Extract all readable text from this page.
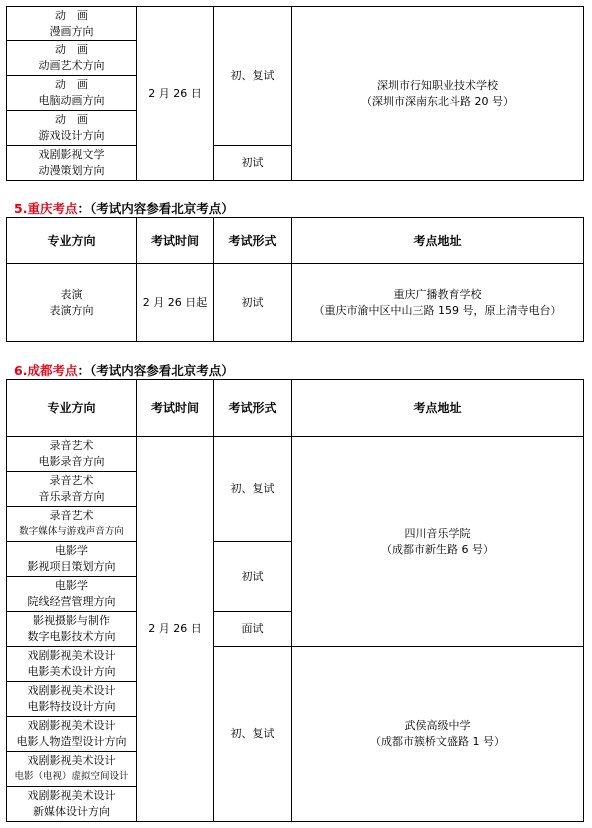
动　画
漫画方向	2 月 26 日	初、复试	深圳市行知职业技术学校
（深圳市深南东北斗路 20 号）

动　画
动画艺术方向			

动　画
电脑动画方向			

动　画
游戏设计方向			

戏剧影视文学
动漫策划方向		初试	
5.重庆考点：（考试内容参看北京考点）
专业方向	考试时间	考试形式	考点地址

表演
表演方向	2 月 26 日起	初试	重庆广播教育学校
（重庆市渝中区中山三路 159 号，原上清寺电台）
6.成都考点：（考试内容参看北京考点）
专业方向	考试时间	考试形式	考点地址

录音艺术
电影录音方向	2 月 26 日	初、复试	四川音乐学院
（成都市新生路 6 号）

录音艺术
音乐录音方向			

录音艺术
数字媒体与游戏声音方向			

电影学
影视项目策划方向		初试	

电影学
院线经营管理方向			

影视摄影与制作
数字电影技术方向		面试	

戏剧影视美术设计
电影美术设计方向		初、复试	武侯高级中学
（成都市簇桥文盛路 1 号）

戏剧影视美术设计
电影特技设计方向			

戏剧影视美术设计
电影人物造型设计方向			

戏剧影视美术设计
电影（电视）虚拟空间设计			

戏剧影视美术设计
新媒体设计方向			
